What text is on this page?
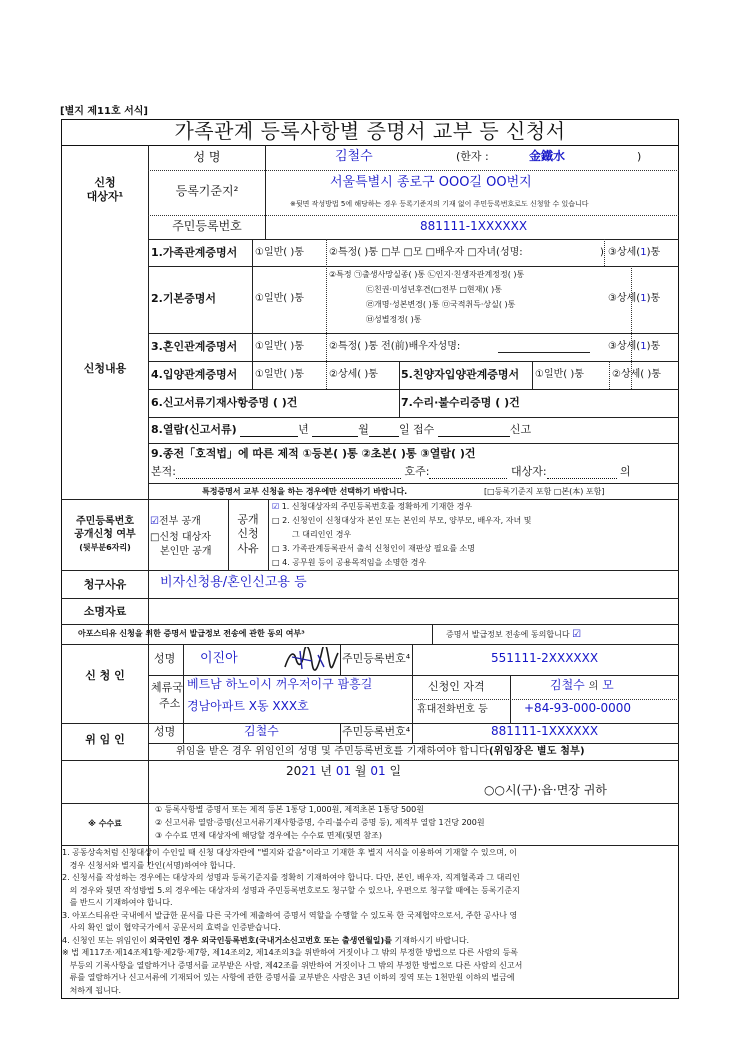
[별지 제11호 서식]
가족관계 등록사항별 증명서 교부 등 신청서
신청
대상자¹
성 명	김철수	(한자 :	金鐵水	)
등록기준지²
서울특별시 종로구 OOO길 OO번지
※뒷면 작성방법 5에 해당하는 경우 등록기준지의 기재 없이 주민등록번호로도 신청할 수 있습니다
주민등록번호	881111-1XXXXXX
신청내용
1.가족관계증명서 ①일반( )통	②특정( )통 □부 □모 □배우자 □자녀(성명:	) ③상세(1)통
2.기본증명서	①일반( )통
②특정 ㉠출생사망실종( )통 ㉡인지·친생자관계정정( )통
㉢친권·미성년후견(□전부 □현재)( )통
㉣개명·성본변경( )통 ㉤국적취득·상실( )통
㉥성별정정( )통
③상세(1)통
3.혼인관계증명서 ①일반( )통	②특정( )통 전(前)배우자성명:	③상세(1)통
4.입양관계증명서 ①일반( )통	②상세( )통 5.친양자입양관계증명서 ①일반( )통	②상세( )통
6.신고서류기재사항증명 ( )건	7.수리·불수리증명 ( )건
8.열람(신고서류)	년	월	일 접수	신고
9.종전「호적법」에 따른 제적 ①등본( )통 ②초본( )통 ③열람( )건
본적:	호주:	대상자:	의
특정증명서 교부 신청을 하는 경우에만 선택하기 바랍니다.	[□등록기준지 포함 □본(本) 포함]
주민등록번호
공개신청 여부
(뒷부분6자리)
☑전부 공개
□신청 대상자
본인만 공개
공개
신청
사유
☑ 1. 신청대상자의 주민등록번호를 정확하게 기재한 경우
□ 2. 신청인이 신청대상자 본인 또는 본인의 부모, 양부모, 배우자, 자녀 및
그 대리인인 경우
□ 3. 가족관계등록관서 출석 신청인이 재판상 필요를 소명
□ 4. 공무원 등이 공용목적임을 소명한 경우
청구사유	비자신청용/혼인신고용 등
소명자료
아포스티유 신청을 위한 증명서 발급정보 전송에 관한 동의 여부³	증명서 발급정보 전송에 동의합니다 ☑
신 청 인
성명 이진아	주민등록번호⁴	551111-2XXXXXX
체류국
주소
베트남 하노이시 꺼우저이구 팜흥길
경남아파트 X동 XXX호
신청인 자격	김철수 의 모
휴대전화번호 등	+84-93-000-0000
위 임 인
성명	김철수	주민등록번호⁴	881111-1XXXXXX
위임을 받은 경우 위임인의 성명 및 주민등록번호를 기재하여야 합니다(위임장은 별도 첨부)
2021 년 01 월 01 일
○○시(구)·읍·면장 귀하
※ 수수료
① 등록사항별 증명서 또는 제적 등본 1통당 1,000원, 제적초본 1통당 500원
② 신고서류 열람·증명(신고서류기재사항증명, 수리·불수리 증명 등), 제적부 열람 1건당 200원
③ 수수료 면제 대상자에 해당할 경우에는 수수료 면제(뒷면 참조)
1. 공동상속처럼 신청대상이 수인일 때 신청 대상자란에 "별지와 같음"이라고 기재한 후 별지 서식을 이용하여 기재할 수 있으며, 이
경우 신청서와 별지를 간인(서명)하여야 합니다.
2. 신청서를 작성하는 경우에는 대상자의 성명과 등록기준지를 정확히 기재하여야 합니다. 다만, 본인, 배우자, 직계혈족과 그 대리인
의 경우와 뒷면 작성방법 5.의 경우에는 대상자의 성명과 주민등록번호로도 청구할 수 있으나, 우편으로 청구할 때에는 등록기준지
를 반드시 기재하여야 합니다.
3. 아포스티유란 국내에서 발급한 문서를 다른 국가에 제출하여 증명서 역할을 수행할 수 있도록 한 국제협약으로서, 주한 공사나 영
사의 확인 없이 협약국가에서 공문서의 효력을 인증받습니다.
4. 신청인 또는 위임인이 외국인인 경우 외국인등록번호(국내거소신고번호 또는 출생연월일)를 기재하시기 바랍니다.
※ 법 제117조·제14조제1항·제2항·제7항, 제14조의2, 제14조의3을 위반하여 거짓이나 그 밖의 부정한 방법으로 다른 사람의 등록
부등의 기록사항을 열람하거나 증명서를 교부받은 사람, 제42조를 위반하여 거짓이나 그 밖의 부정한 방법으로 다른 사람의 신고서
류를 열람하거나 신고서류에 기재되어 있는 사항에 관한 증명서를 교부받은 사람은 3년 이하의 징역 또는 1천만원 이하의 벌금에
처하게 됩니다.
